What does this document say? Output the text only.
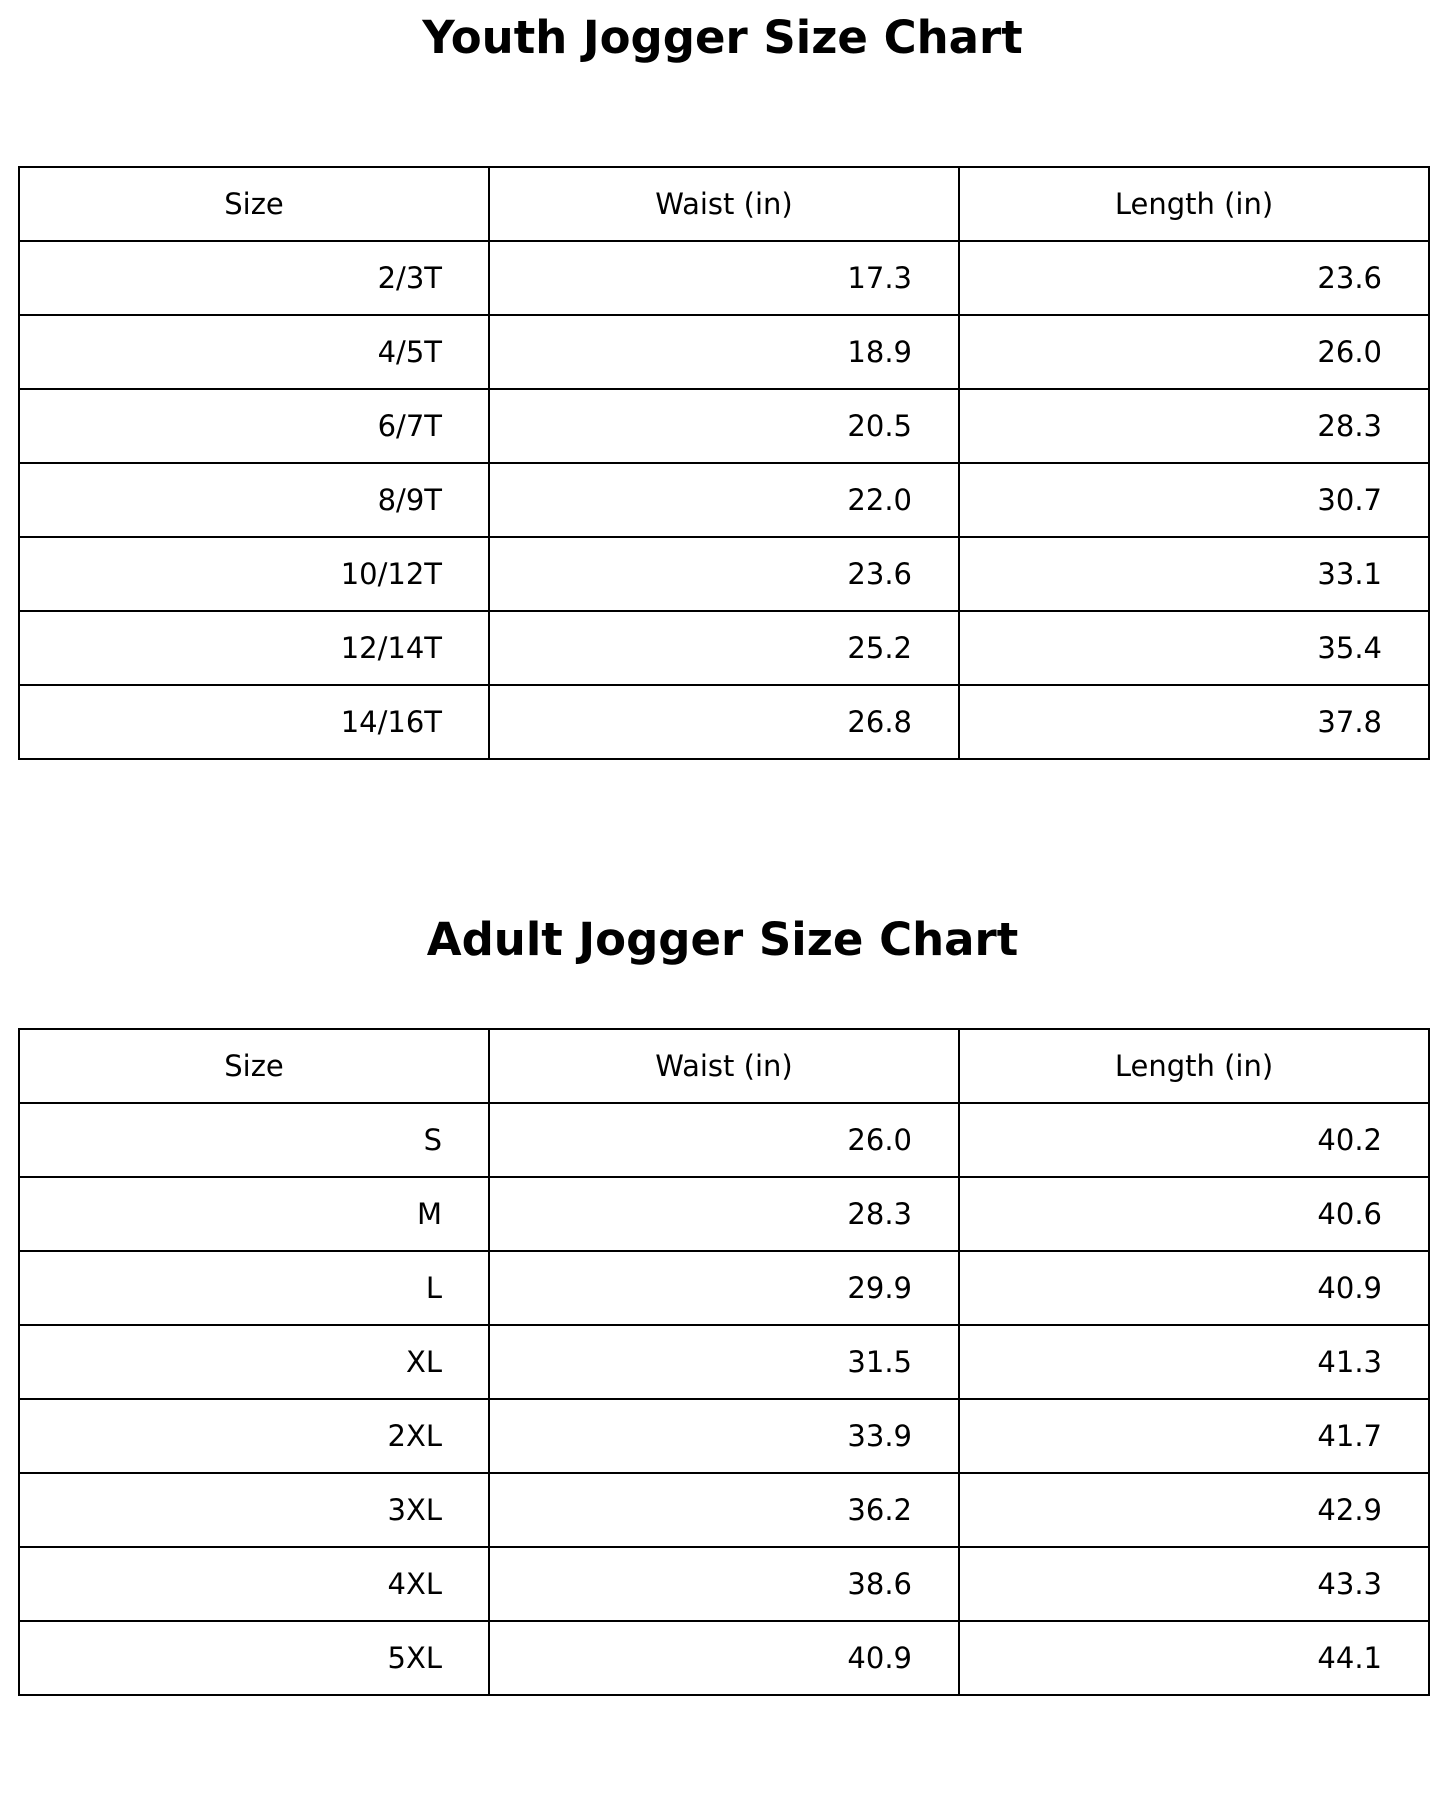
Youth Jogger Size Chart
Size	Waist (in)	Length (in)
2/3T	17.3	23.6
4/5T	18.9	26.0
6/7T	20.5	28.3
8/9T	22.0	30.7
10/12T	23.6	33.1
12/14T	25.2	35.4
14/16T	26.8	37.8
Adult Jogger Size Chart
Size	Waist (in)	Length (in)
S	26.0	40.2
M	28.3	40.6
L	29.9	40.9
XL	31.5	41.3
2XL	33.9	41.7
3XL	36.2	42.9
4XL	38.6	43.3
5XL	40.9	44.1
